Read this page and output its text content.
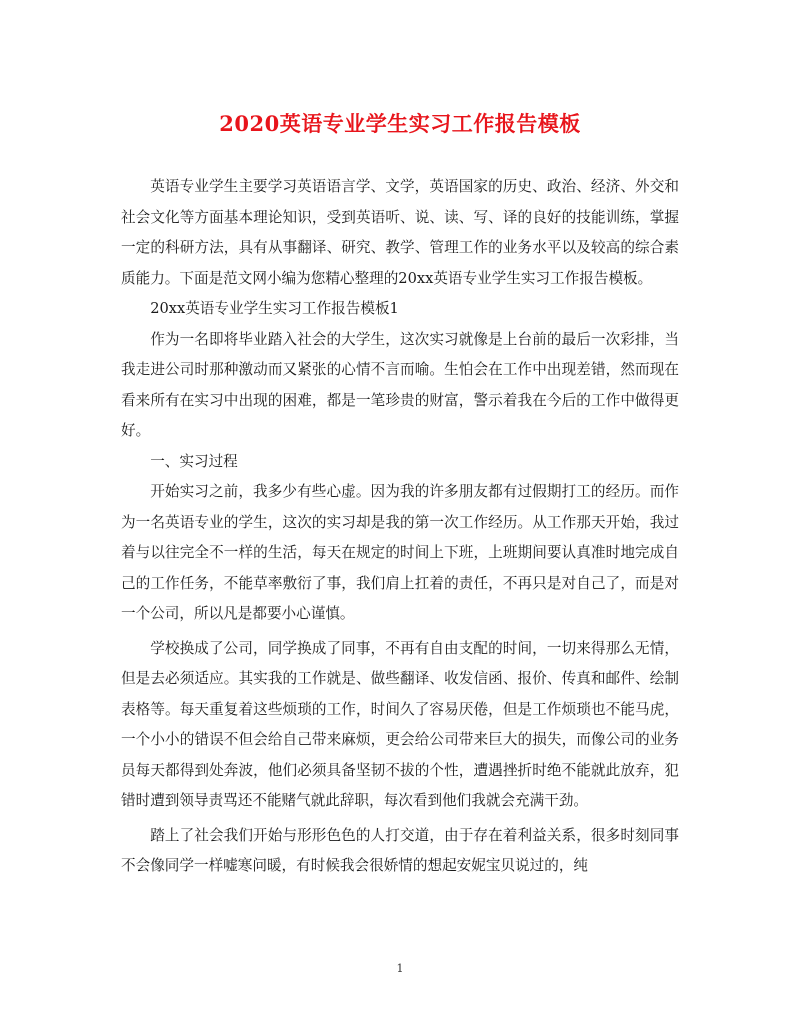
2020英语专业学生实习工作报告模板

英语专业学生主要学习英语语言学、文学，英语国家的历史、政治、经济、外交和社会文化等方面基本理论知识，受到英语听、说、读、写、译的良好的技能训练，掌握一定的科研方法，具有从事翻译、研究、教学、管理工作的业务水平以及较高的综合素质能力。下面是范文网小编为您精心整理的20xx英语专业学生实习工作报告模板。

20xx英语专业学生实习工作报告模板1

作为一名即将毕业踏入社会的大学生，这次实习就像是上台前的最后一次彩排，当我走进公司时那种激动而又紧张的心情不言而喻。生怕会在工作中出现差错，然而现在看来所有在实习中出现的困难，都是一笔珍贵的财富，警示着我在今后的工作中做得更好。

一、实习过程

开始实习之前，我多少有些心虚。因为我的许多朋友都有过假期打工的经历。而作为一名英语专业的学生，这次的实习却是我的第一次工作经历。从工作那天开始，我过着与以往完全不一样的生活，每天在规定的时间上下班，上班期间要认真准时地完成自己的工作任务，不能草率敷衍了事，我们肩上扛着的责任，不再只是对自己了，而是对一个公司，所以凡是都要小心谨慎。

学校换成了公司，同学换成了同事，不再有自由支配的时间，一切来得那么无情，但是去必须适应。其实我的工作就是、做些翻译、收发信函、报价、传真和邮件、绘制表格等。每天重复着这些烦琐的工作，时间久了容易厌倦，但是工作烦琐也不能马虎，一个小小的错误不但会给自己带来麻烦，更会给公司带来巨大的损失，而像公司的业务员每天都得到处奔波，他们必须具备坚韧不拔的个性，遭遇挫折时绝不能就此放弃，犯错时遭到领导责骂还不能赌气就此辞职，每次看到他们我就会充满干劲。

踏上了社会我们开始与形形色色的人打交道，由于存在着利益关系，很多时刻同事不会像同学一样嘘寒问暖，有时候我会很娇情的想起安妮宝贝说过的，纯

1
